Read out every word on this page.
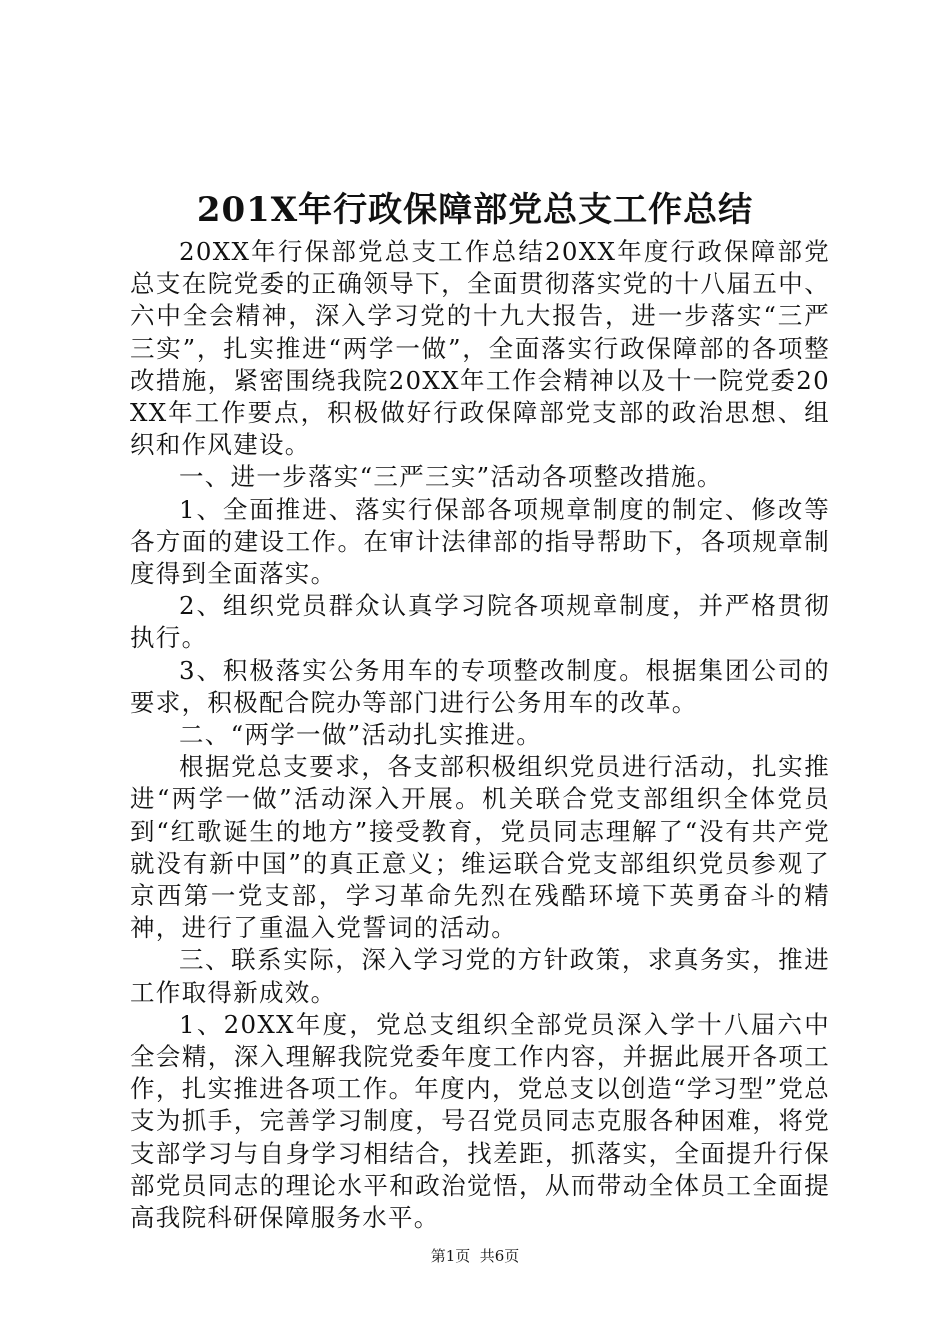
201X年行政保障部党总支工作总结

20XX年行保部党总支工作总结20XX年度行政保障部党总支在院党委的正确领导下，全面贯彻落实党的十八届五中、六中全会精神，深入学习党的十九大报告，进一步落实“三严三实”，扎实推进“两学一做”，全面落实行政保障部的各项整改措施，紧密围绕我院20XX年工作会精神以及十一院党委20XX年工作要点，积极做好行政保障部党支部的政治思想、组织和作风建设。

一、进一步落实“三严三实”活动各项整改措施。

1、全面推进、落实行保部各项规章制度的制定、修改等各方面的建设工作。在审计法律部的指导帮助下，各项规章制度得到全面落实。

2、组织党员群众认真学习院各项规章制度，并严格贯彻执行。

3、积极落实公务用车的专项整改制度。根据集团公司的要求，积极配合院办等部门进行公务用车的改革。

二、“两学一做”活动扎实推进。

根据党总支要求，各支部积极组织党员进行活动，扎实推进“两学一做”活动深入开展。机关联合党支部组织全体党员到“红歌诞生的地方”接受教育，党员同志理解了“没有共产党就没有新中国”的真正意义；维运联合党支部组织党员参观了京西第一党支部，学习革命先烈在残酷环境下英勇奋斗的精神，进行了重温入党誓词的活动。

三、联系实际，深入学习党的方针政策，求真务实，推进工作取得新成效。

1、20XX年度，党总支组织全部党员深入学十八届六中全会精，深入理解我院党委年度工作内容，并据此展开各项工作，扎实推进各项工作。年度内，党总支以创造“学习型”党总支为抓手，完善学习制度，号召党员同志克服各种困难，将党支部学习与自身学习相结合，找差距，抓落实，全面提升行保部党员同志的理论水平和政治觉悟，从而带动全体员工全面提高我院科研保障服务水平。

第1页  共6页
